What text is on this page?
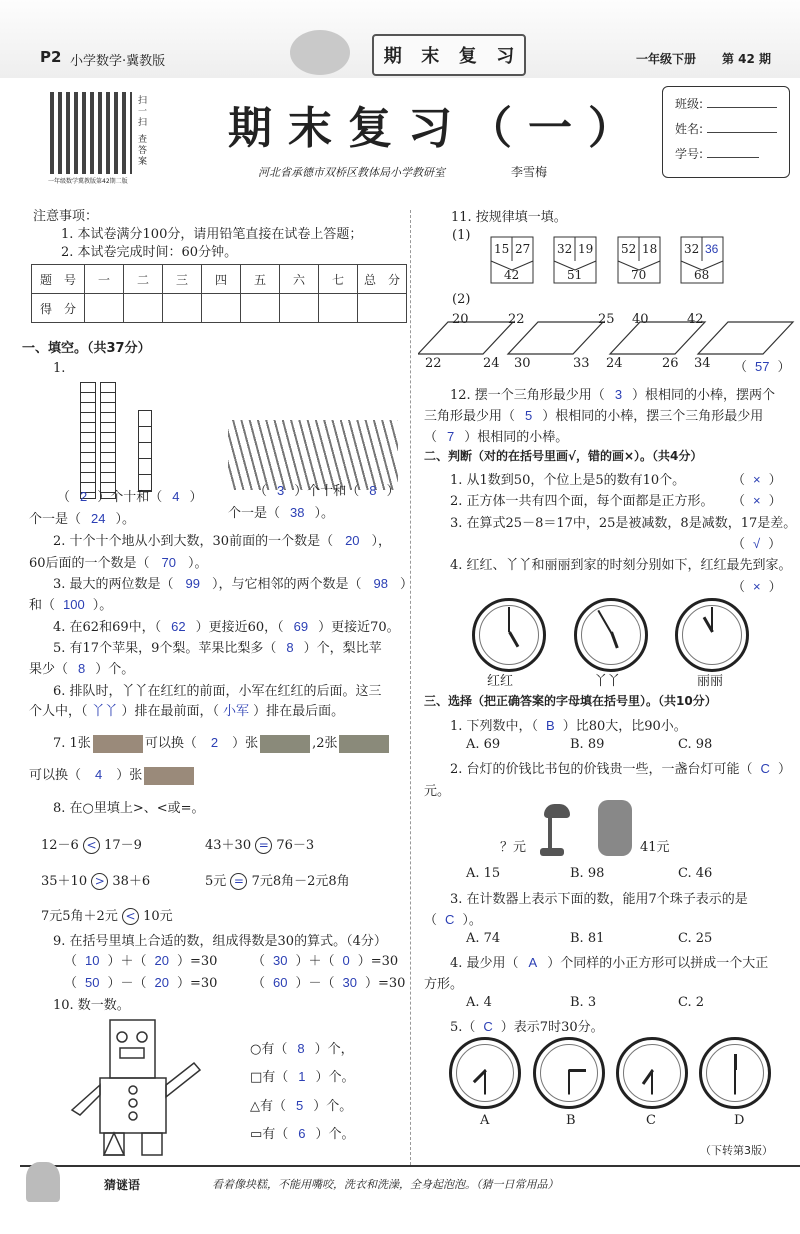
P2 小学数学·冀教版	期 末 复 习	一年级下册 第 42 期
扫
一
扫
查
答
案
一年级数学冀教版第42期二版
期末复习（一）
河北省承德市双桥区教体局小学教研室	李雪梅
班级:
姓名:
学号:
注意事项：
1. 本试卷满分100分，请用铅笔直接在试卷上答题；
2. 本试卷完成时间：60分钟。
题　号	一	二	三	四	五	六	七	总　分
得　分								
一、填空。（共37分）
1.
（ 2 ）个十和（ 4 ）	（ 3 ）个十和（ 8 ）
个一是（ 24 ）。	个一是（ 38 ）。
2. 十个十个地从小到大数，30前面的一个数是（ 20 ），
60后面的一个数是（ 70 ）。
3. 最大的两位数是（ 99 ），与它相邻的两个数是（ 98 ）
和（ 100 ）。
4. 在62和69中，（ 62 ）更接近60，（ 69 ）更接近70。
5. 有17个苹果，9个梨。苹果比梨多（ 8 ）个，梨比苹
果少（ 8 ）个。
6. 排队时，丫丫在红红的前面，小军在红红的后面。这三
个人中，（ 丫丫 ）排在最前面，（ 小军 ）排在最后面。
7. 1张	可以换（ 2 ）张	,2张
可以换（ 4 ）张
8. 在○里填上>、<或=。
12－6 < 17－9	43＋30 = 76－3
35＋10 > 38＋6	5元 = 7元8角－2元8角
7元5角＋2元 < 10元
9. 在括号里填上合适的数，组成得数是30的算式。（4分）
（ 10 ）＋（ 20 ）=30	（ 30 ）＋（ 0 ）=30
（ 50 ）－（ 20 ）=30	（ 60 ）－（ 30 ）=30
10. 数一数。
○有（ 8 ）个，
□有（ 1 ）个。
△有（ 5 ）个。
▭有（ 6 ）个。
11. 按规律填一填。
(1)
15 27
42
32 19
51
52 18
70
32 36
68
(2)
20	22
22	24
25
30	33
40
24	26
42
34 （ 57 ）
12. 摆一个三角形最少用（ 3 ）根相同的小棒，摆两个
三角形最少用（ 5 ）根相同的小棒，摆三个三角形最少用
（ 7 ）根相同的小棒。
二、判断（对的在括号里画√，错的画×）。（共4分）
1. 从1数到50，个位上是5的数有10个。	（ × ）
2. 正方体一共有四个面，每个面都是正方形。 （ × ）
3. 在算式25－8＝17中，25是被减数，8是减数，17是差。
（ √ ）
4. 红红、丫丫和丽丽到家的时刻分别如下，红红最先到家。
（ × ）
红红	丫丫	丽丽
三、选择（把正确答案的字母填在括号里）。（共10分）
1. 下列数中，（ B ）比80大，比90小。
A. 69	B. 89	C. 98
2. 台灯的价钱比书包的价钱贵一些，一盏台灯可能（ C ）
元。
？元	41元
A. 15	B. 98	C. 46
3. 在计数器上表示下面的数，能用7个珠子表示的是
（ C ）。
A. 74	B. 81	C. 25
4. 最少用（ A ）个同样的小正方形可以拼成一个大正
方形。
A. 4	B. 3	C. 2
5.（ C ）表示7时30分。
A	B	C	D
（下转第3版）
猜谜语	看着像块糕，不能用嘴咬，洗衣和洗澡，全身起泡泡。（猜一日常用品）
